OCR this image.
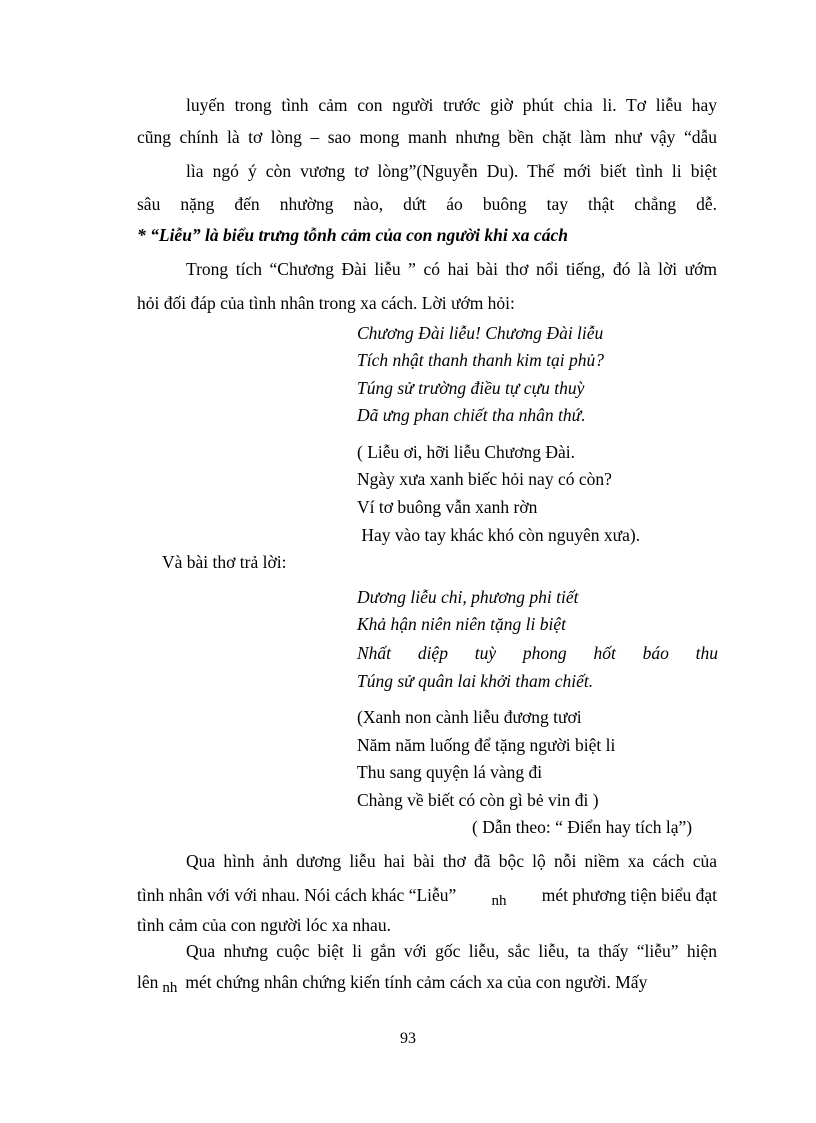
luyến trong tình cảm con người trước giờ phút chia li. Tơ liễu hay
cũng chính là tơ lòng – sao mong manh nhưng bền chặt làm như vậy “dẫu
lìa ngó ý còn vương tơ lòng”(Nguyễn Du). Thế mới biết tình li biệt
sâu nặng đến nhường nào, dứt áo buông tay thật chẳng dễ.
* “Liễu” là biểu trưng tỗnh cảm của con người khi xa cách
Trong tích “Chương Đài liễu ” có hai bài thơ nổi tiếng, đó là lời ướm
hỏi đối đáp của tình nhân trong xa cách. Lời ướm hỏi:
Chương Đài liễu! Chương Đài liễu
Tích nhật thanh thanh kim tại phủ?
Túng sử trường điều tự cựu thuỳ
Dã ưng phan chiết tha nhân thứ.
( Liễu ơi, hỡi liễu Chương Đài.
Ngày xưa xanh biếc hỏi nay có còn?
Ví tơ buông vẫn xanh rờn
Hay vào tay khác khó còn nguyên xưa).
Và bài thơ trả lời:
Dương liễu chi, phương phi tiết
Khả hận niên niên tặng li biệt
Nhất diệp tuỳ phong hốt báo thu
Túng sử quân lai khởi tham chiết.
(Xanh non cành liễu đương tươi
Năm năm luống để tặng người biệt li
Thu sang quyện lá vàng đi
Chàng về biết có còn gì bẻ vin đi )
( Dẫn theo: “ Điển hay tích lạ”)
Qua hình ảnh dương liễu hai bài thơ đã bộc lộ nỗi niềm xa cách của
tình nhân với với nhau. Nói cách khác “Liễu” nh mét phương tiện biểu đạt
tình cảm của con người lóc xa nhau.
Qua nhưng cuộc biệt li gắn với gốc liễu, sắc liễu, ta thấy “liễu” hiện
lên nh mét chứng nhân chứng kiến tính cảm cách xa của con người. Mấy
93
